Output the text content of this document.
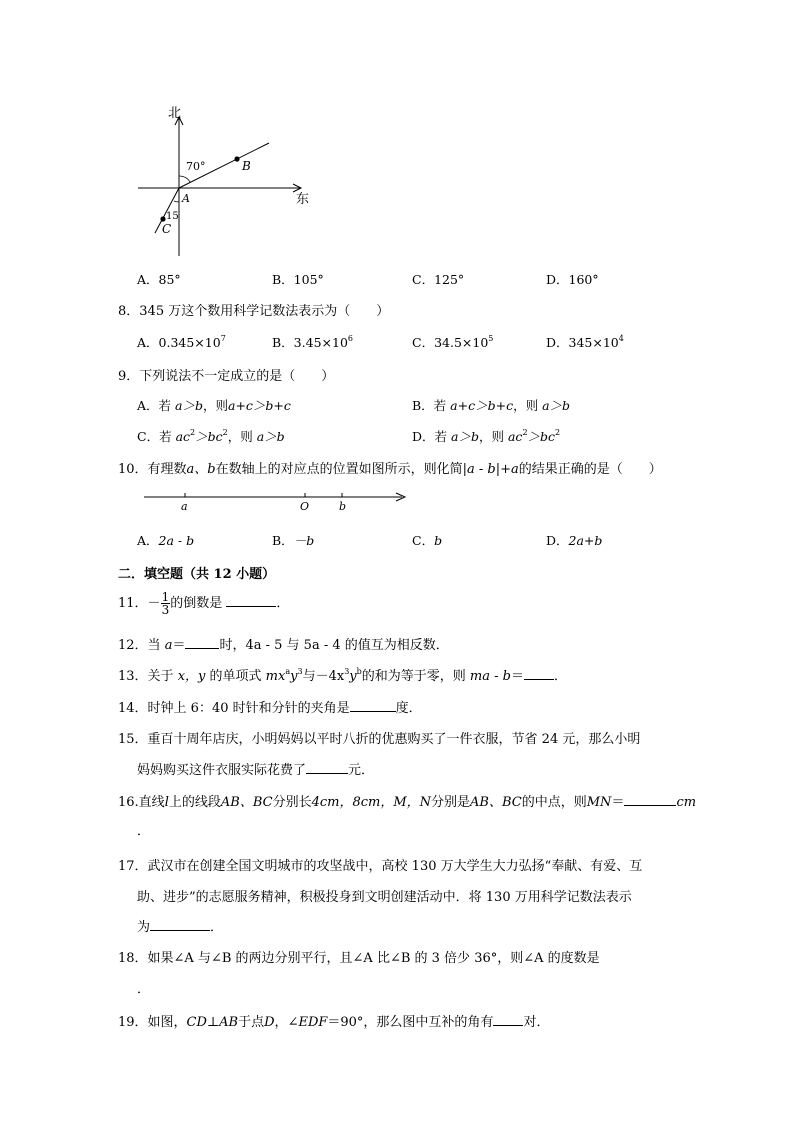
北
东
70°
15
A
B
C
A．85°	B．105°	C．125°	D．160°
8．345 万这个数用科学记数法表示为（　　）
A．$0.345\times 10^7$	B．$3.45\times 10^6$	C．$34.5\times 10^5$	D．$345\times 10^4$
9．下列说法不一定成立的是（　　）
A．若 a＞b，则a+c＞b+c	B．若 a+c＞b+c，则 a＞b
C．若 $ac^2>bc^2$，则 a＞b	D．若 a＞b，则 $ac^2>bc^2$
10．有理数a、b在数轴上的对应点的位置如图所示，则化简|a - b|+a的结果正确的是（　　）
a	O	b
A．2a - b	B．－b	C．b	D．2a+b
二．填空题（共 12 小题）
11．－ $\frac{1}{3}$ 的倒数是	．
12．当 a＝	时，4a - 5 与 5a - 4 的值互为相反数．
13．关于 x，y 的单项式 $mx^ay^3$与$-4x^3y^b$的和为等于零，则 ma - b＝ ．
14．时钟上 6：40 时针和分针的夹角是	度．
15．重百十周年店庆，小明妈妈以平时八折的优惠购买了一件衣服，节省 24 元，那么小明
妈妈购买这件衣服实际花费了	元．
16.直线l上的线段AB、BC分别长4cm，8cm，M，N分别是AB、BC的中点，则MN＝	cm
．
17．武汉市在创建全国文明城市的攻坚战中，高校 130 万大学生大力弘扬“奉献、有爱、互
助、进步”的志愿服务精神，积极投身到文明创建活动中．将 130 万用科学记数法表示
为	．
18．如果∠A 与∠B 的两边分别平行，且∠A 比∠B 的 3 倍少 36°，则∠A 的度数是
．
19．如图，CD⊥AB于点D，∠EDF＝90°，那么图中互补的角有 对．
